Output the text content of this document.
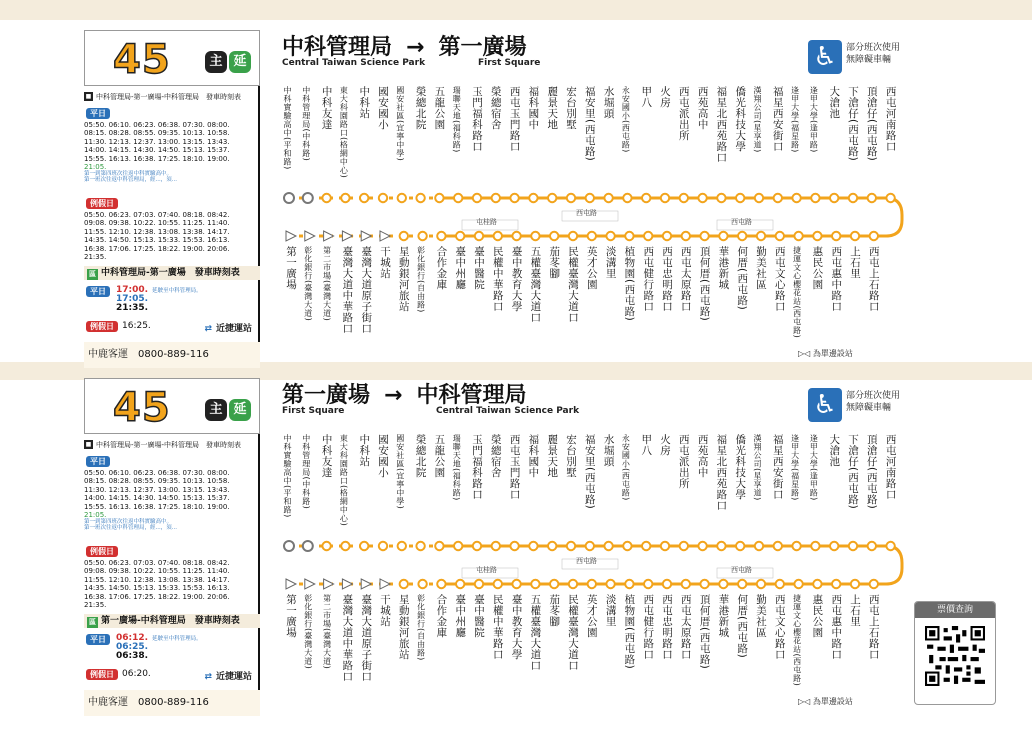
45	主 延
■ 中科管理局-第一廣場-中科管理局　發車時刻表
平日
05:50. 06:10. 06:23. 06:38. 07:30. 08:00.
08:15. 08:28. 08:55. 09:35. 10:13. 10:58.
11:30. 12:13. 12:37. 13:00. 13:15. 13:43.
14:00. 14:15. 14:30. 14:50. 15:13. 15:37.
15:55. 16:13. 16:38. 17:25. 18:10. 19:00.
21:05.
第一到第四班次往返中科實驗高中。
第一班次往返中科管理局，經...，須...
例假日
05:50. 06:23. 07:03. 07:40. 08:18. 08:42.
09:08. 09:38. 10:22. 10:55. 11:25. 11:40.
11:55. 12:10. 12:38. 13:08. 13:38. 14:17.
14:35. 14:50. 15:13. 15:33. 15:53. 16:13.
16:38. 17:06. 17:25. 18:22. 19:00. 20:06.
21:35.
區 中科管理局-第一廣場　發車時刻表
平日	17:00. 延駛至中科管理局。
17:05.
21:35.
例假日 16:25.	⇄ 近捷運站
中鹿客運　0800-889-116
中科管理局 → 第一廣場
Central Taiwan Science Park	First Square	♿	部分班次使用
無障礙車輛
中科實驗高中(平和路) 中科管理局(中科路) 中科友達 東大科園路口(格網中心) 中科站 國安國小 國安社區(宜寧中學) 榮總北院 五龍公園 瑞聯天地(福科路) 玉門福科路口 榮總宿舍 西屯玉門路口 福科國中 麗景天地 宏台別墅 福安里(西屯路) 水堀頭 永安國小(西屯路) 甲八 火房 西屯派出所 西苑高中 福星北西苑路口 僑光科技大學 漢翔公司(星享道) 福星西安街口 逢甲大學(福星路) 逢甲大學(逢甲路) 大滄池 下滄仔(西屯路) 頂滄仔(西屯路) 西屯河南路口
第一廣場 彰化銀行(臺灣大道) 第二市場(臺灣大道) 臺灣大道中華路口 臺灣大道原子街口 干城站 星動銀河旅站 彰化銀行(自由路) 合作金庫 臺中州廳 臺中醫院 民權中華路口 臺中教育大學 五權臺灣大道口 茄苳腳 民權臺灣大道口 英才公園 淡溝里 植物園(西屯路) 西屯健行路口 西屯忠明路口 西屯太原路口 頂何厝(西屯路) 華港新城 何厝(西屯路) 勤美社區 西屯文心路口 捷運文心櫻花站(西屯路) 惠民公園 西屯惠中路口 上石里 西屯上石路口
屯桂路
西屯路
西屯路
▷◁ 為單邊設站
45	主 延
■ 中科管理局-第一廣場-中科管理局　發車時刻表
平日
05:50. 06:10. 06:23. 06:38. 07:30. 08:00.
08:15. 08:28. 08:55. 09:35. 10:13. 10:58.
11:30. 12:13. 12:37. 13:00. 13:15. 13:43.
14:00. 14:15. 14:30. 14:50. 15:13. 15:37.
15:55. 16:13. 16:38. 17:25. 18:10. 19:00.
21:05.
第一到第四班次往返中科實驗高中。
第一班次往返中科管理局，經...，須...
例假日
05:50. 06:23. 07:03. 07:40. 08:18. 08:42.
09:08. 09:38. 10:22. 10:55. 11:25. 11:40.
11:55. 12:10. 12:38. 13:08. 13:38. 14:17.
14:35. 14:50. 15:13. 15:33. 15:53. 16:13.
16:38. 17:06. 17:25. 18:22. 19:00. 20:06.
21:35.
區 第一廣場-中科管理局　發車時刻表
平日	06:12. 延駛至中科管理局。
06:25.
06:38.
例假日 06:20.	⇄ 近捷運站
中鹿客運　0800-889-116
第一廣場 → 中科管理局
First Square	Central Taiwan Science Park	♿	部分班次使用
無障礙車輛
中科實驗高中(平和路) 中科管理局(中科路) 中科友達 東大科園路口(格網中心) 中科站 國安國小 國安社區(宜寧中學) 榮總北院 五龍公園 瑞聯天地(福科路) 玉門福科路口 榮總宿舍 西屯玉門路口 福科國中 麗景天地 宏台別墅 福安里(西屯路) 水堀頭 永安國小(西屯路) 甲八 火房 西屯派出所 西苑高中 福星北西苑路口 僑光科技大學 漢翔公司(星享道) 福星西安街口 逢甲大學(福星路) 逢甲大學(逢甲路) 大滄池 下滄仔(西屯路) 頂滄仔(西屯路) 西屯河南路口
第一廣場 彰化銀行(臺灣大道) 第二市場(臺灣大道) 臺灣大道中華路口 臺灣大道原子街口 干城站 星動銀河旅站 彰化銀行(自由路) 合作金庫 臺中州廳 臺中醫院 民權中華路口 臺中教育大學 五權臺灣大道口 茄苳腳 民權臺灣大道口 英才公園 淡溝里 植物園(西屯路) 西屯健行路口 西屯忠明路口 西屯太原路口 頂何厝(西屯路) 華港新城 何厝(西屯路) 勤美社區 西屯文心路口 捷運文心櫻花站(西屯路) 惠民公園 西屯惠中路口 上石里 西屯上石路口
屯桂路
西屯路
西屯路
▷◁ 為單邊設站
票價查詢
